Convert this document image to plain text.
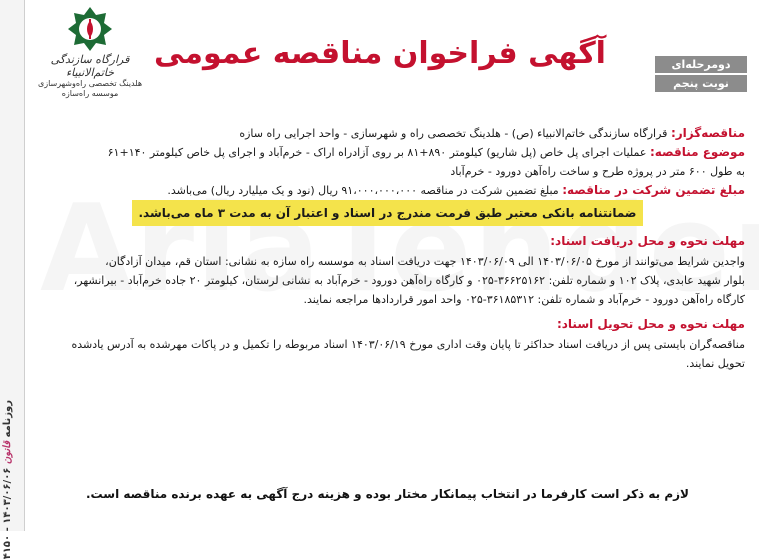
روزنامه قانون ۱۴۰۳/۰۶/۰۶ - ۴۱۵۰
قرارگاه سازندگی خاتم‌الانبیاء
هلدینگ تخصصی راه‌وشهرسازی
موسسه راه‌سازه
آگهی فراخوان مناقصه عمومی	دومرحله‌ای
نوبت پنجم
مناقصه‌گزار: قرارگاه سازندگی خاتم‌الانبیاء (ص) - هلدینگ تخصصی راه و شهرسازی - واحد اجرایی راه سازه
موضوع مناقصه: عملیات اجرای پل خاص (پل شاریو) کیلومتر ۸۹۰+۸۱ بر روی آزادراه اراک - خرم‌آباد و اجرای پل خاص کیلومتر ۱۴۰+۶۱
به طول ۶۰۰ متر در پروژه طرح و ساخت راه‌آهن دورود - خرم‌آباد
مبلغ تضمین شرکت در مناقصه: مبلغ تضمین شرکت در مناقصه ۹۱،۰۰۰،۰۰۰،۰۰۰ ریال (نود و یک میلیارد ریال) می‌باشد.
ضمانتنامه بانکی معتبر طبق فرمت مندرج در اسناد و اعتبار آن به مدت ۳ ماه می‌باشد.
مهلت نحوه و محل دریافت اسناد:
واجدین شرایط می‌توانند از مورخ ۱۴۰۳/۰۶/۰۵ الی ۱۴۰۳/۰۶/۰۹ جهت دریافت اسناد به موسسه راه سازه به نشانی: استان قم، میدان آزادگان،
بلوار شهید عابدی، پلاک ۱۰۲ و شماره تلفن: ۳۶۶۲۵۱۶۲-۰۲۵ و کارگاه راه‌آهن دورود - خرم‌آباد به نشانی لرستان، کیلومتر ۲۰ جاده خرم‌آباد - بیرانشهر،
کارگاه راه‌آهن دورود - خرم‌آباد و شماره تلفن: ۳۶۱۸۵۳۱۲-۰۲۵ واحد امور قراردادها مراجعه نمایند.
مهلت نحوه و محل تحویل اسناد:
مناقصه‌گران بایستی پس از دریافت اسناد حداکثر تا پایان وقت اداری مورخ ۱۴۰۳/۰۶/۱۹ اسناد مربوطه را تکمیل و در پاکات مهرشده به آدرس یادشده
تحویل نمایند.
لازم به ذکر است کارفرما در انتخاب پیمانکار مختار بوده و هزینه درج آگهی به عهده برنده مناقصه است.
